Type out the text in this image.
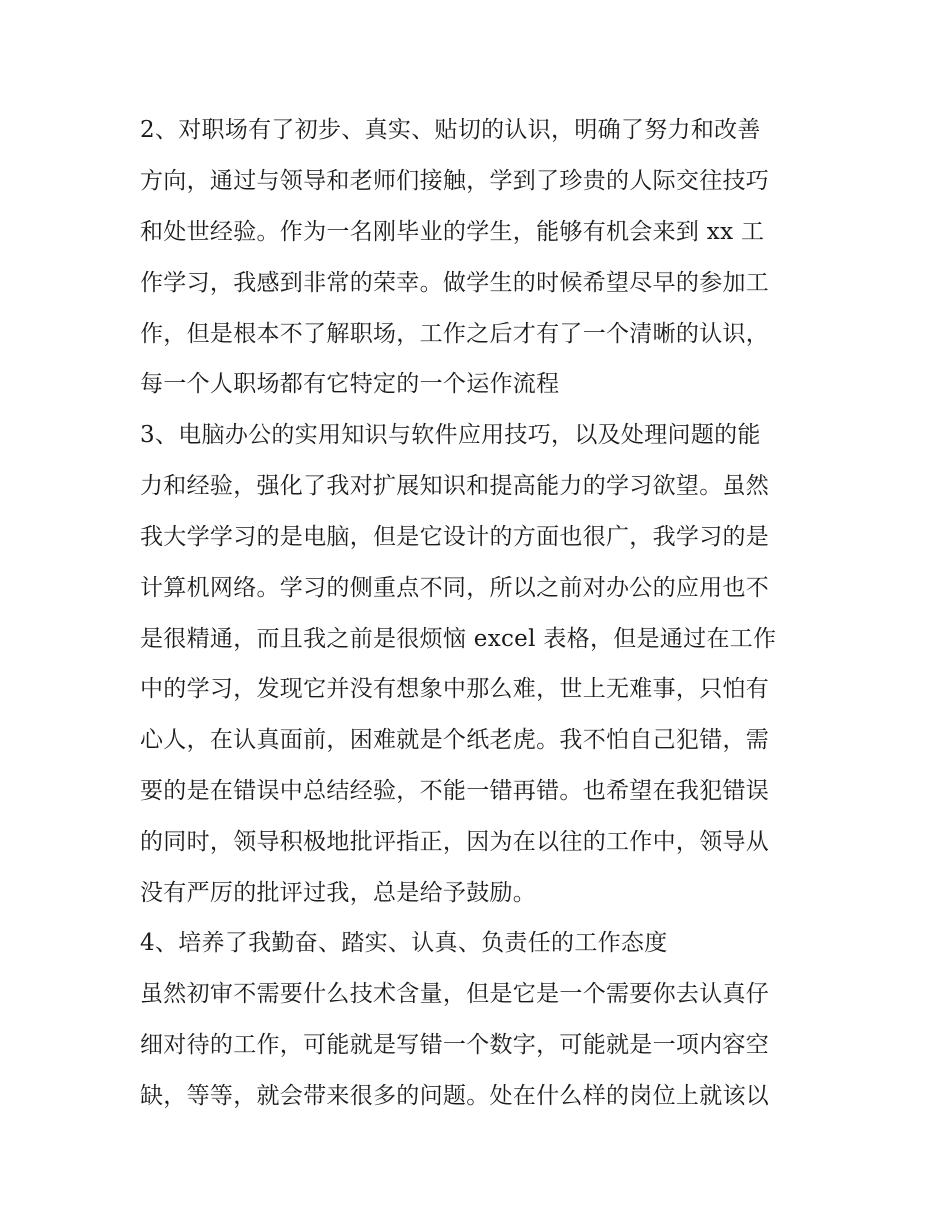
2、对职场有了初步、真实、贴切的认识，明确了努力和改善
方向，通过与领导和老师们接触，学到了珍贵的人际交往技巧
和处世经验。作为一名刚毕业的学生，能够有机会来到 xx 工
作学习，我感到非常的荣幸。做学生的时候希望尽早的参加工
作，但是根本不了解职场，工作之后才有了一个清晰的认识，
每一个人职场都有它特定的一个运作流程
3、电脑办公的实用知识与软件应用技巧，以及处理问题的能
力和经验，强化了我对扩展知识和提高能力的学习欲望。虽然
我大学学习的是电脑，但是它设计的方面也很广，我学习的是
计算机网络。学习的侧重点不同，所以之前对办公的应用也不
是很精通，而且我之前是很烦恼 excel 表格，但是通过在工作
中的学习，发现它并没有想象中那么难，世上无难事，只怕有
心人，在认真面前，困难就是个纸老虎。我不怕自己犯错，需
要的是在错误中总结经验，不能一错再错。也希望在我犯错误
的同时，领导积极地批评指正，因为在以往的工作中，领导从
没有严厉的批评过我，总是给予鼓励。
4、培养了我勤奋、踏实、认真、负责任的工作态度
虽然初审不需要什么技术含量，但是它是一个需要你去认真仔
细对待的工作，可能就是写错一个数字，可能就是一项内容空
缺，等等，就会带来很多的问题。处在什么样的岗位上就该以
